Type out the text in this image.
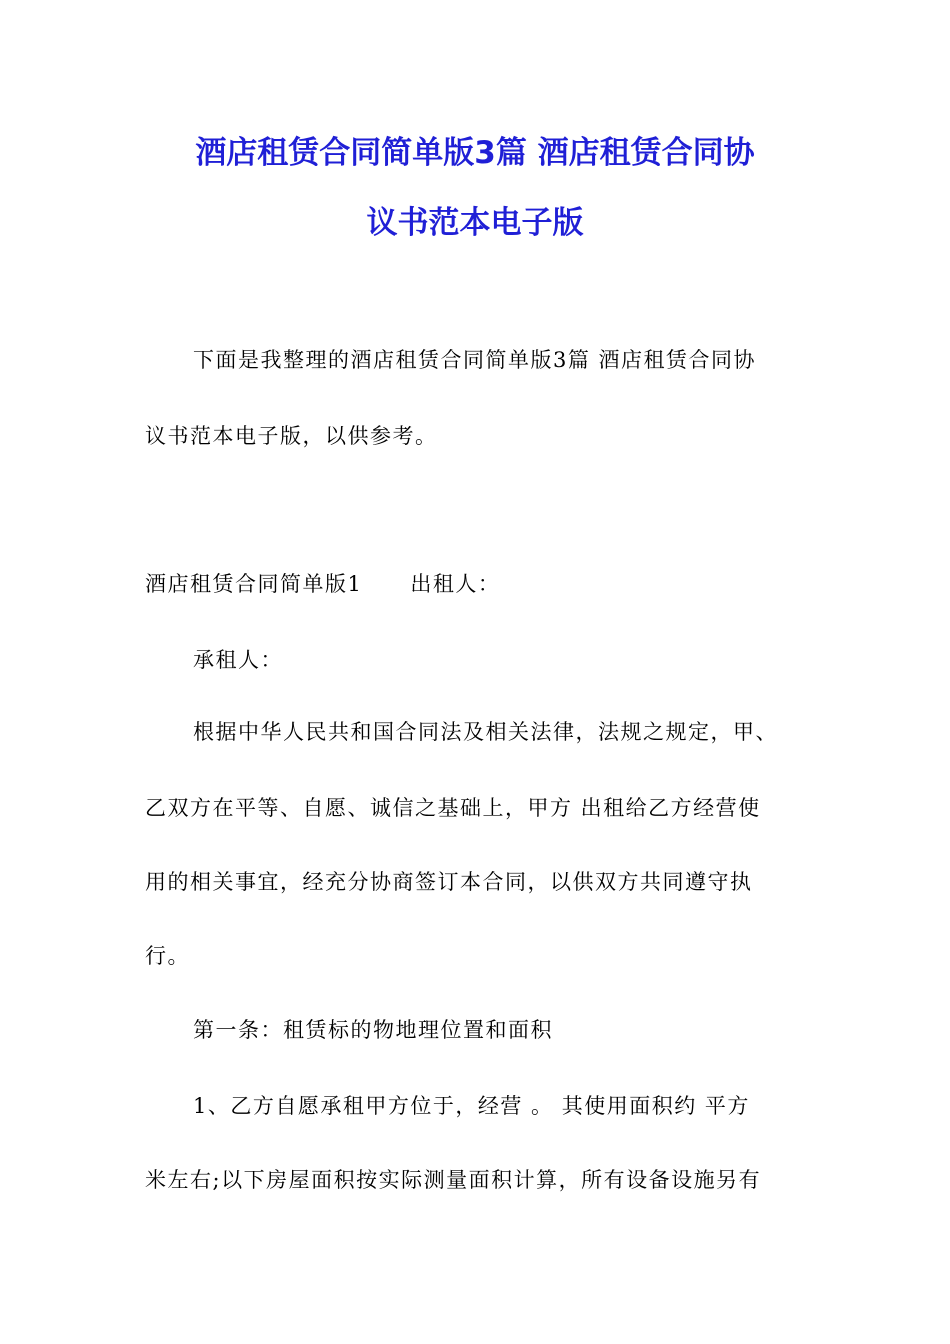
酒店租赁合同简单版3篇 酒店租赁合同协
议书范本电子版
下面是我整理的酒店租赁合同简单版3篇 酒店租赁合同协
议书范本电子版，以供参考。
酒店租赁合同简单版1 出租人：
承租人：
根据中华人民共和国合同法及相关法律，法规之规定，甲、
乙双方在平等、自愿、诚信之基础上，甲方 出租给乙方经营使
用的相关事宜，经充分协商签订本合同，以供双方共同遵守执
行。
第一条：租赁标的物地理位置和面积
1、乙方自愿承租甲方位于，经营 。 其使用面积约 平方
米左右;以下房屋面积按实际测量面积计算，所有设备设施另有
